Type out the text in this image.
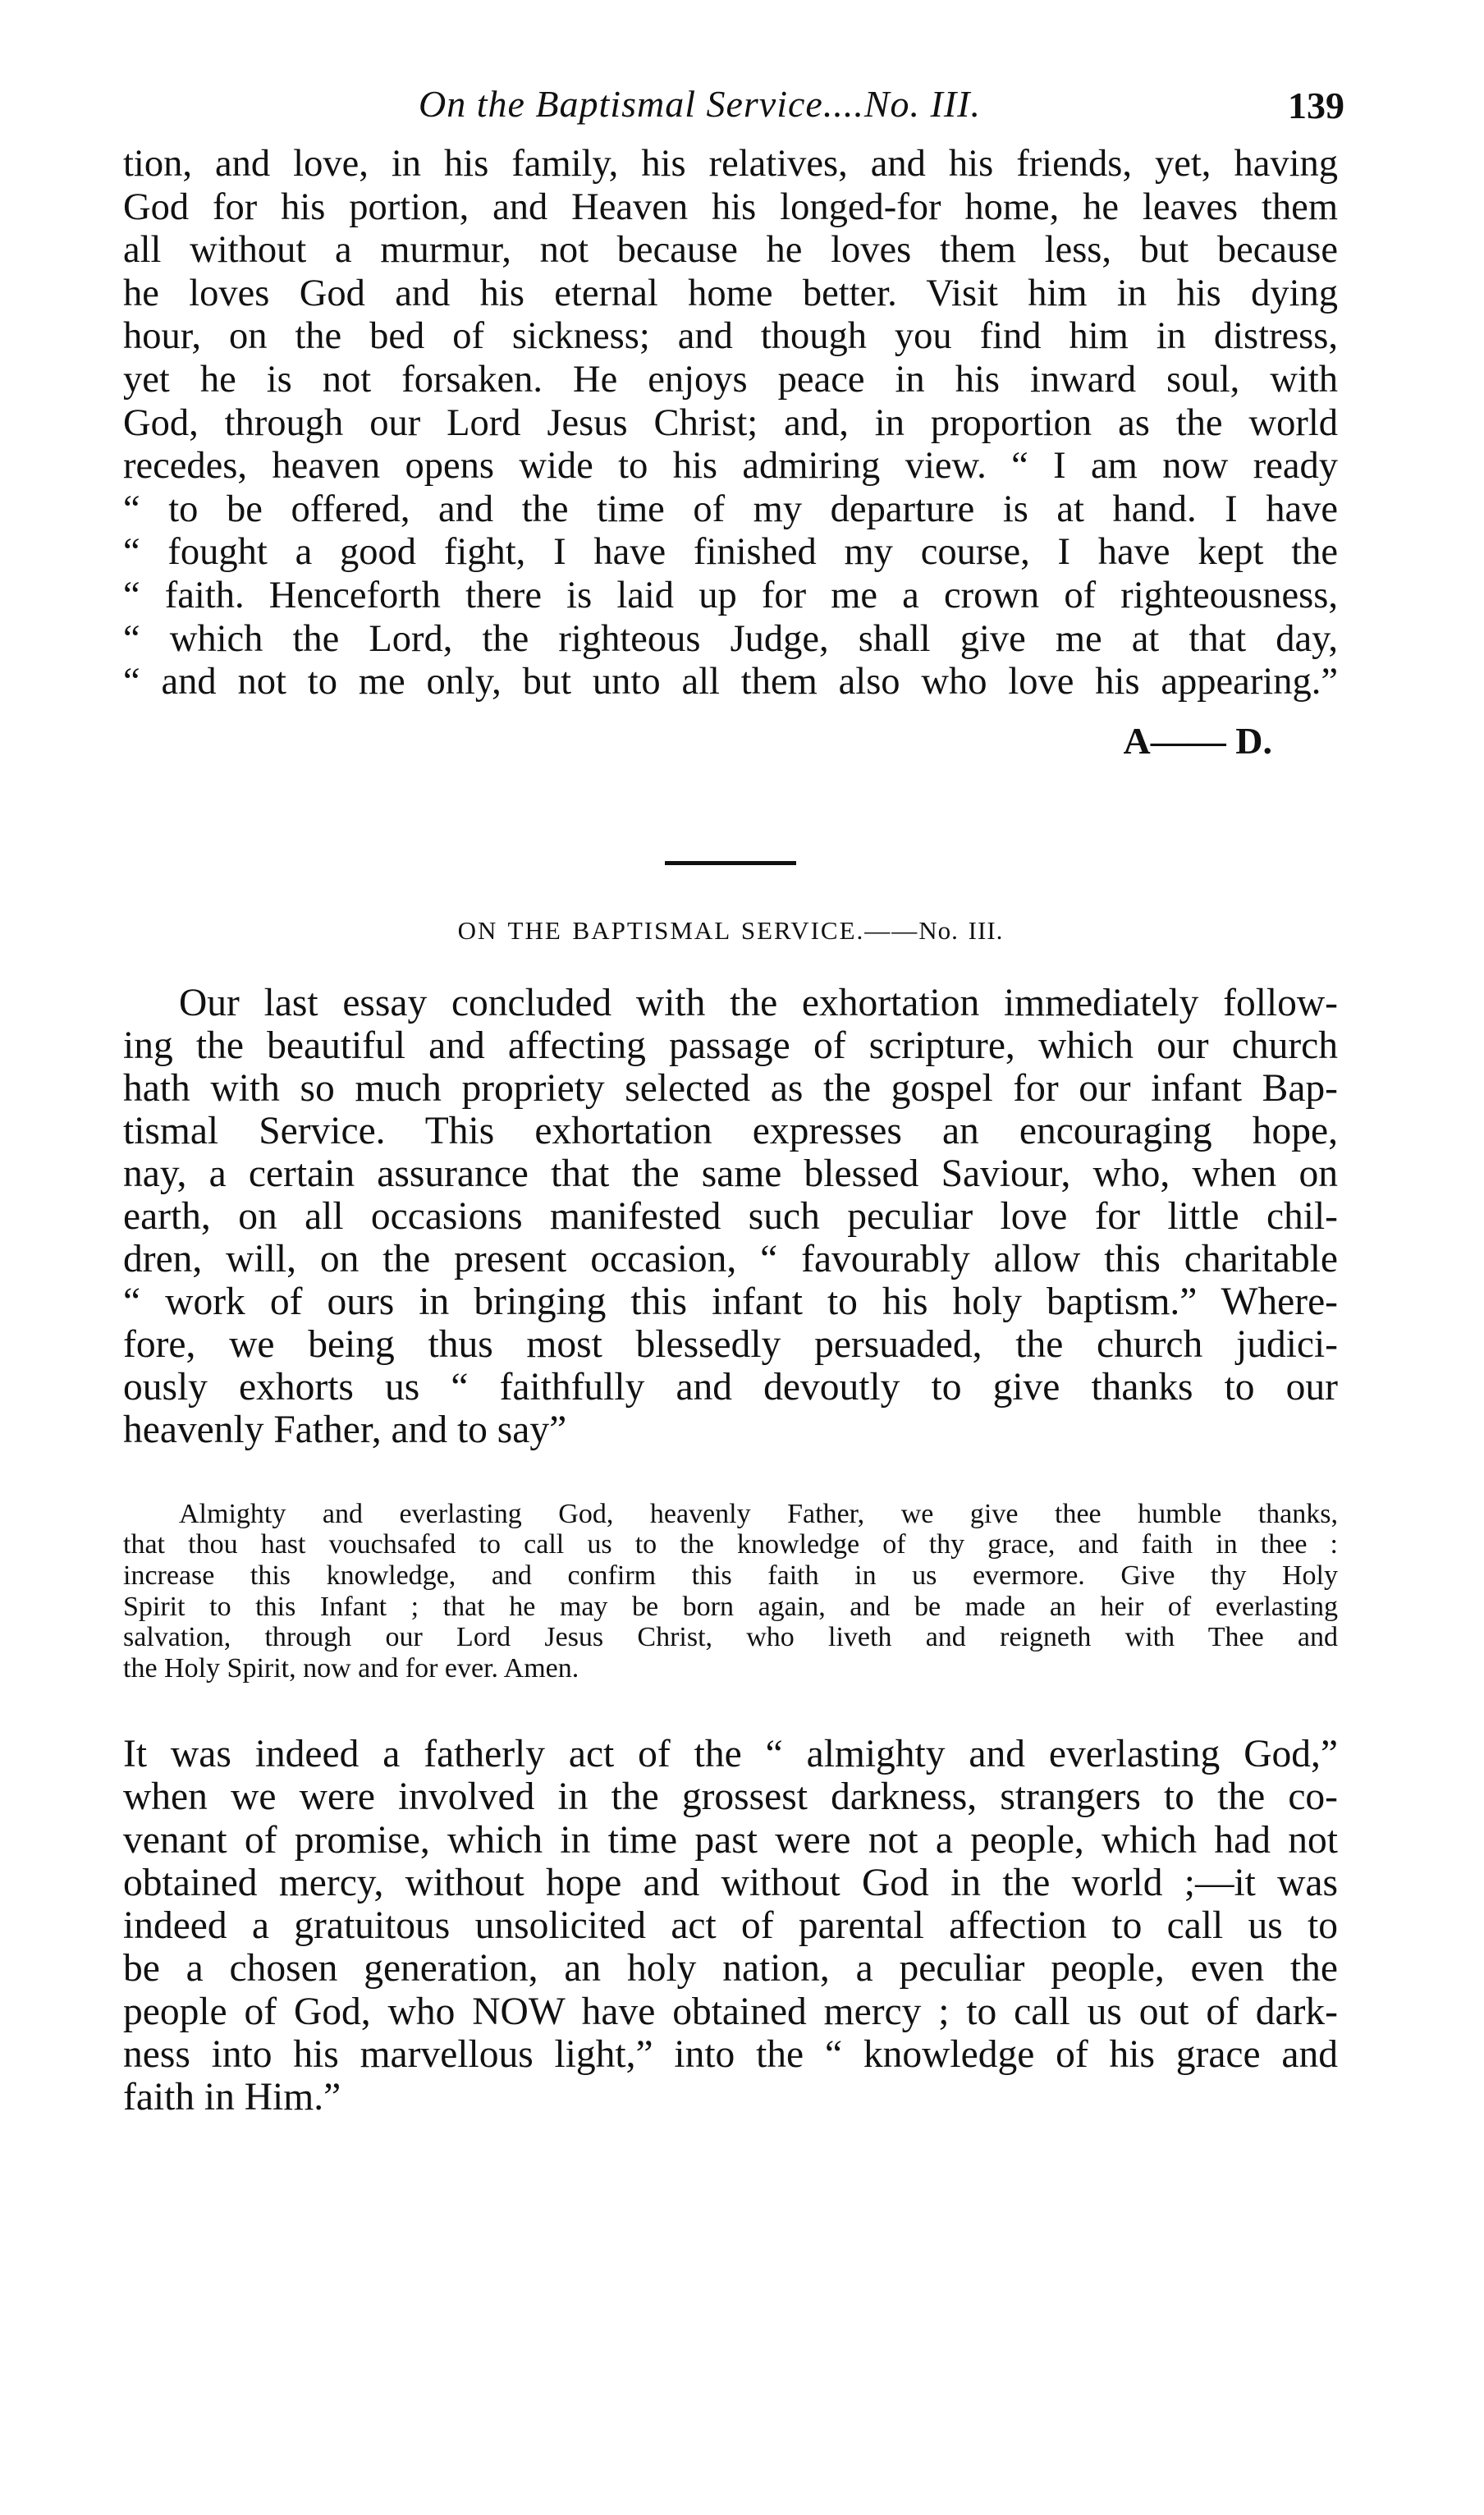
On the Baptismal Service....No. III.	139
tion, and love, in his family, his relatives, and his friends, yet, having
God for his portion, and Heaven his longed-for home, he leaves them
all without a murmur, not because he loves them less, but because
he loves God and his eternal home better. Visit him in his dying
hour, on the bed of sickness; and though you find him in distress,
yet he is not forsaken. He enjoys peace in his inward soul, with
God, through our Lord Jesus Christ; and, in proportion as the world
recedes, heaven opens wide to his admiring view. “ I am now ready
“ to be offered, and the time of my departure is at hand. I have
“ fought a good fight, I have finished my course, I have kept the
“ faith. Henceforth there is laid up for me a crown of righteousness,
“ which the Lord, the righteous Judge, shall give me at that day,
“ and not to me only, but unto all them also who love his appearing.”

A—— D.

ON THE BAPTISMAL SERVICE.——No. III.

Our last essay concluded with the exhortation immediately follow-
ing the beautiful and affecting passage of scripture, which our church
hath with so much propriety selected as the gospel for our infant Bap-
tismal Service. This exhortation expresses an encouraging hope,
nay, a certain assurance that the same blessed Saviour, who, when on
earth, on all occasions manifested such peculiar love for little chil-
dren, will, on the present occasion, “ favourably allow this charitable
“ work of ours in bringing this infant to his holy baptism.” Where-
fore, we being thus most blessedly persuaded, the church judici-
ously exhorts us “ faithfully and devoutly to give thanks to our
heavenly Father, and to say”
Almighty and everlasting God, heavenly Father, we give thee humble thanks,
that thou hast vouchsafed to call us to the knowledge of thy grace, and faith in thee :
increase this knowledge, and confirm this faith in us evermore. Give thy Holy
Spirit to this Infant ; that he may be born again, and be made an heir of everlasting
salvation, through our Lord Jesus Christ, who liveth and reigneth with Thee and
the Holy Spirit, now and for ever. Amen.
It was indeed a fatherly act of the “ almighty and everlasting God,”
when we were involved in the grossest darkness, strangers to the co-
venant of promise, which in time past were not a people, which had not
obtained mercy, without hope and without God in the world ;—it was
indeed a gratuitous unsolicited act of parental affection to call us to
be a chosen generation, an holy nation, a peculiar people, even the
people of God, who NOW have obtained mercy ; to call us out of dark-
ness into his marvellous light,” into the “ knowledge of his grace and
faith in Him.”
